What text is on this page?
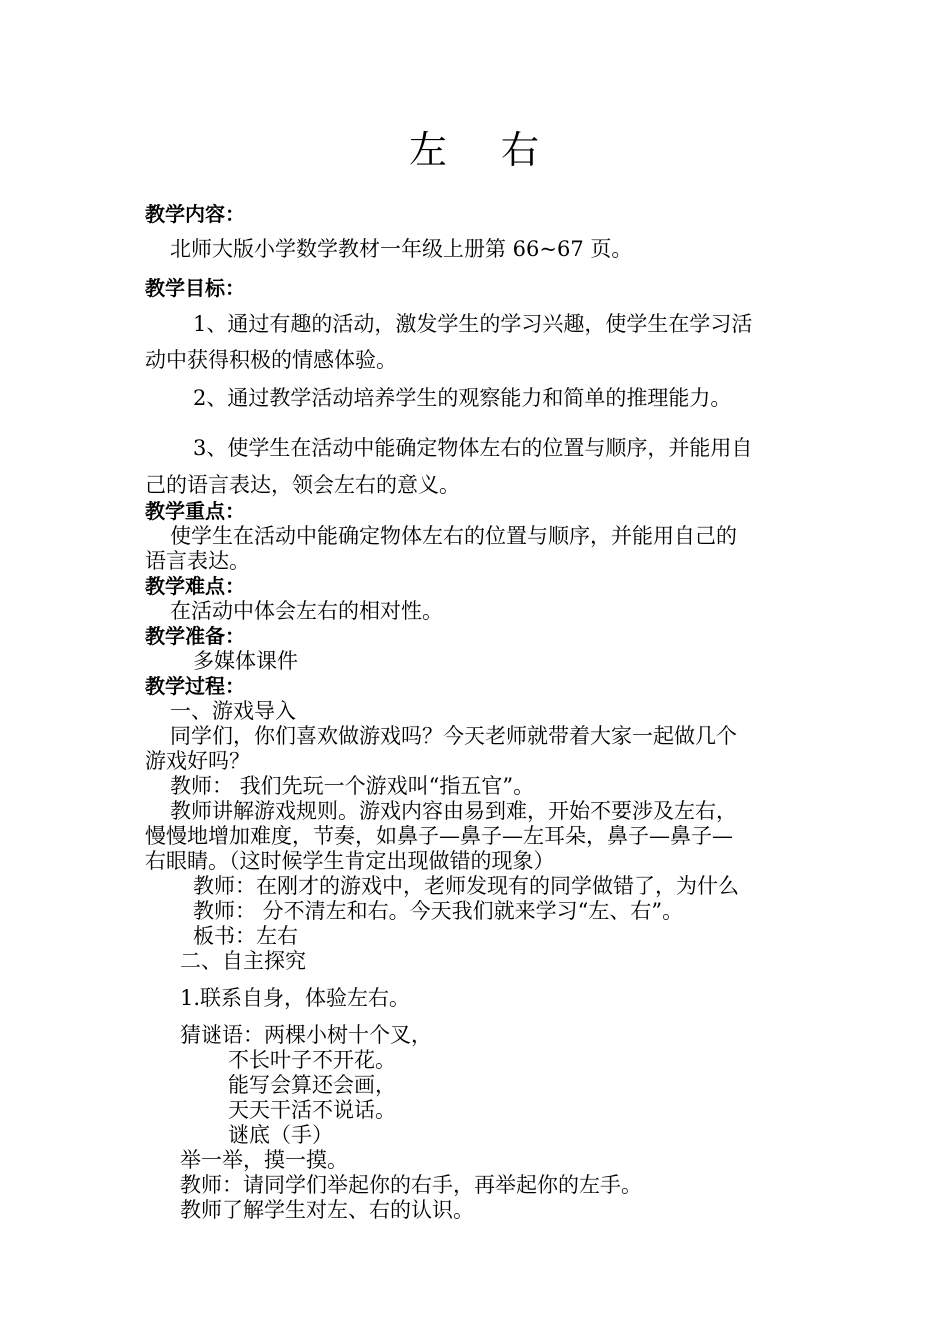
左 右
教学内容：
北师大版小学数学教材一年级上册第 66~67 页。
教学目标：
1、通过有趣的活动，激发学生的学习兴趣，使学生在学习活
动中获得积极的情感体验。
2、通过教学活动培养学生的观察能力和简单的推理能力。
3、使学生在活动中能确定物体左右的位置与顺序，并能用自
己的语言表达，领会左右的意义。
教学重点：
使学生在活动中能确定物体左右的位置与顺序，并能用自己的
语言表达。
教学难点：
在活动中体会左右的相对性。
教学准备：
多媒体课件
教学过程：
一、游戏导入
同学们，你们喜欢做游戏吗？今天老师就带着大家一起做几个
游戏好吗？
教师： 我们先玩一个游戏叫“指五官”。
教师讲解游戏规则。游戏内容由易到难，开始不要涉及左右，
慢慢地增加难度，节奏，如鼻子—鼻子—左耳朵，鼻子—鼻子—
右眼睛。（这时候学生肯定出现做错的现象）
教师：在刚才的游戏中，老师发现有的同学做错了，为什么
教师： 分不清左和右。今天我们就来学习“左、右”。
板书：左右
二、自主探究
1.联系自身，体验左右。
猜谜语：两棵小树十个叉，
不长叶子不开花。
能写会算还会画，
天天干活不说话。
谜底（手）
举一举，摸一摸。
教师：请同学们举起你的右手，再举起你的左手。
教师了解学生对左、右的认识。
